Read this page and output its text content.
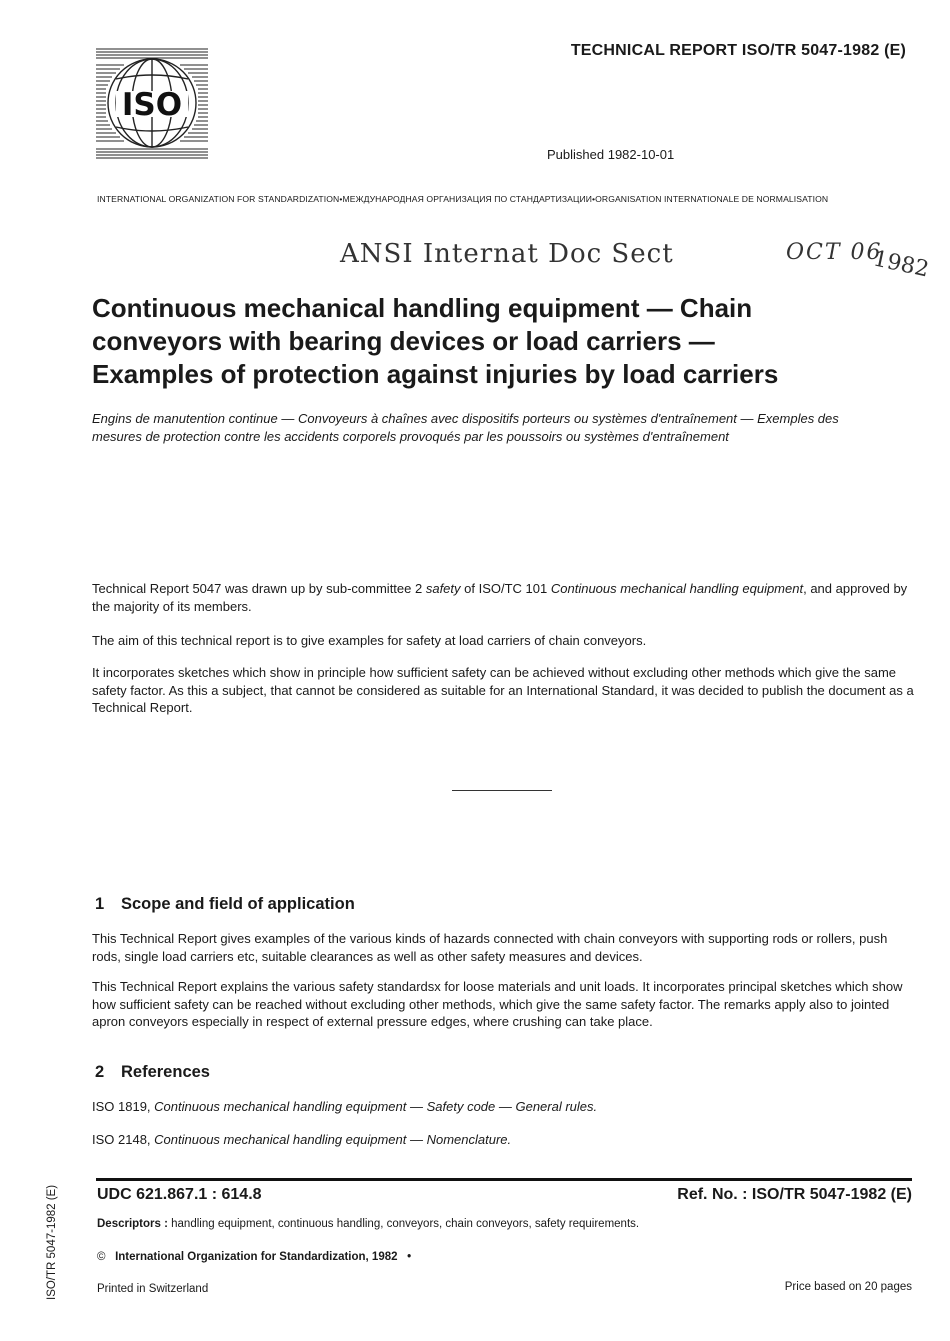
ISO
TECHNICAL REPORT ISO/TR 5047-1982 (E)
Published 1982-10-01
INTERNATIONAL ORGANIZATION FOR STANDARDIZATION•МЕЖДУНАРОДНАЯ ОРГАНИЗАЦИЯ ПО СТАНДАРТИЗАЦИИ•ORGANISATION INTERNATIONALE DE NORMALISATION
ANSI Internat Doc Sect	OCT 06
1982
Continuous mechanical handling equipment — Chain
conveyors with bearing devices or load carriers —
Examples of protection against injuries by load carriers
Engins de manutention continue — Convoyeurs à chaînes avec dispositifs porteurs ou systèmes d'entraînement — Exemples des
mesures de protection contre les accidents corporels provoqués par les poussoirs ou systèmes d'entraînement
Technical Report 5047 was drawn up by sub-committee 2 safety of ISO/TC 101 Continuous mechanical handling equipment, and approved by the majority of its members.
The aim of this technical report is to give examples for safety at load carriers of chain conveyors.
It incorporates sketches which show in principle how sufficient safety can be achieved without excluding other methods which give the same safety factor. As this a subject, that cannot be considered as suitable for an International Standard, it was decided to publish the document as a Technical Report.
1 Scope and field of application
This Technical Report gives examples of the various kinds of hazards connected with chain conveyors with supporting rods or rollers, push rods, single load carriers etc, suitable clearances as well as other safety measures and devices.
This Technical Report explains the various safety standardsx for loose materials and unit loads. It incorporates principal sketches which show how sufficient safety can be reached without excluding other methods, which give the same safety factor. The remarks apply also to jointed apron conveyors especially in respect of external pressure edges, where crushing can take place.
2 References
ISO 1819, Continuous mechanical handling equipment — Safety code — General rules.
ISO 2148, Continuous mechanical handling equipment — Nomenclature.
UDC 621.867.1 : 614.8	Ref. No. : ISO/TR 5047-1982 (E)
Descriptors : handling equipment, continuous handling, conveyors, chain conveyors, safety requirements.
© International Organization for Standardization, 1982 •
Printed in Switzerland	Price based on 20 pages
ISO/TR 5047-1982 (E)
